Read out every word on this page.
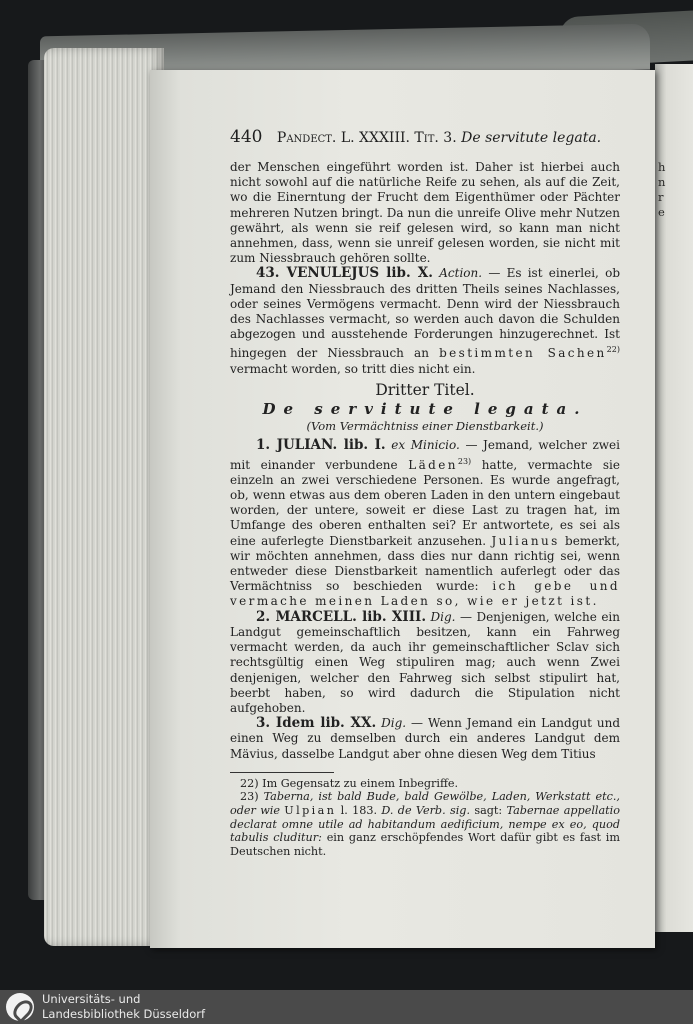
h
n
r
e
440 Pandect. L. XXXIII. Tit. 3. De servitute legata.

der Menschen eingeführt worden ist. Daher ist hierbei auch nicht sowohl auf die natürliche Reife zu sehen, als auf die Zeit, wo die Einerntung der Frucht dem Eigenthümer oder Pächter mehreren Nutzen bringt. Da nun die unreife Olive mehr Nutzen gewährt, als wenn sie reif gelesen wird, so kann man nicht annehmen, dass, wenn sie unreif gelesen worden, sie nicht mit zum Niessbrauch gehören sollte.

43. VENULEJUS lib. X. Action. — Es ist einerlei, ob Jemand den Niessbrauch des dritten Theils seines Nachlasses, oder seines Vermögens vermacht. Denn wird der Niessbrauch des Nachlasses vermacht, so werden auch davon die Schulden abgezogen und ausstehende Forderungen hinzugerechnet. Ist hingegen der Niessbrauch an bestimmten Sachen$^{22)}$ vermacht worden, so tritt dies nicht ein.

Dritter Titel.
De servitute legata.
(Vom Vermächtniss einer Dienstbarkeit.)

1. JULIAN. lib. I. ex Minicio. — Jemand, welcher zwei mit einander verbundene Läden$^{23)}$ hatte, vermachte sie einzeln an zwei verschiedene Personen. Es wurde angefragt, ob, wenn etwas aus dem oberen Laden in den untern eingebaut worden, der untere, soweit er diese Last zu tragen hat, im Umfange des oberen enthalten sei? Er antwortete, es sei als eine auferlegte Dienstbarkeit anzusehen. Julianus bemerkt, wir möchten annehmen, dass dies nur dann richtig sei, wenn entweder diese Dienstbarkeit namentlich auferlegt oder das Vermächtniss so beschieden wurde: ich gebe und vermache meinen Laden so, wie er jetzt ist.

2. MARCELL. lib. XIII. Dig. — Denjenigen, welche ein Landgut gemeinschaftlich besitzen, kann ein Fahrweg vermacht werden, da auch ihr gemeinschaftlicher Sclav sich rechtsgültig einen Weg stipuliren mag; auch wenn Zwei denjenigen, welcher den Fahrweg sich selbst stipulirt hat, beerbt haben, so wird dadurch die Stipulation nicht aufgehoben.

3. Idem lib. XX. Dig. — Wenn Jemand ein Landgut und einen Weg zu demselben durch ein anderes Landgut dem Mävius, dasselbe Landgut aber ohne diesen Weg dem Titius

22) Im Gegensatz zu einem Inbegriffe.

23) Taberna, ist bald Bude, bald Gewölbe, Laden, Werkstatt etc., oder wie Ulpian l. 183. D. de Verb. sig. sagt: Tabernae appellatio declarat omne utile ad habitandum aedificium, nempe ex eo, quod tabulis cluditur: ein ganz erschöpfendes Wort dafür gibt es fast im Deutschen nicht.

Universitäts- und
Landesbibliothek Düsseldorf
